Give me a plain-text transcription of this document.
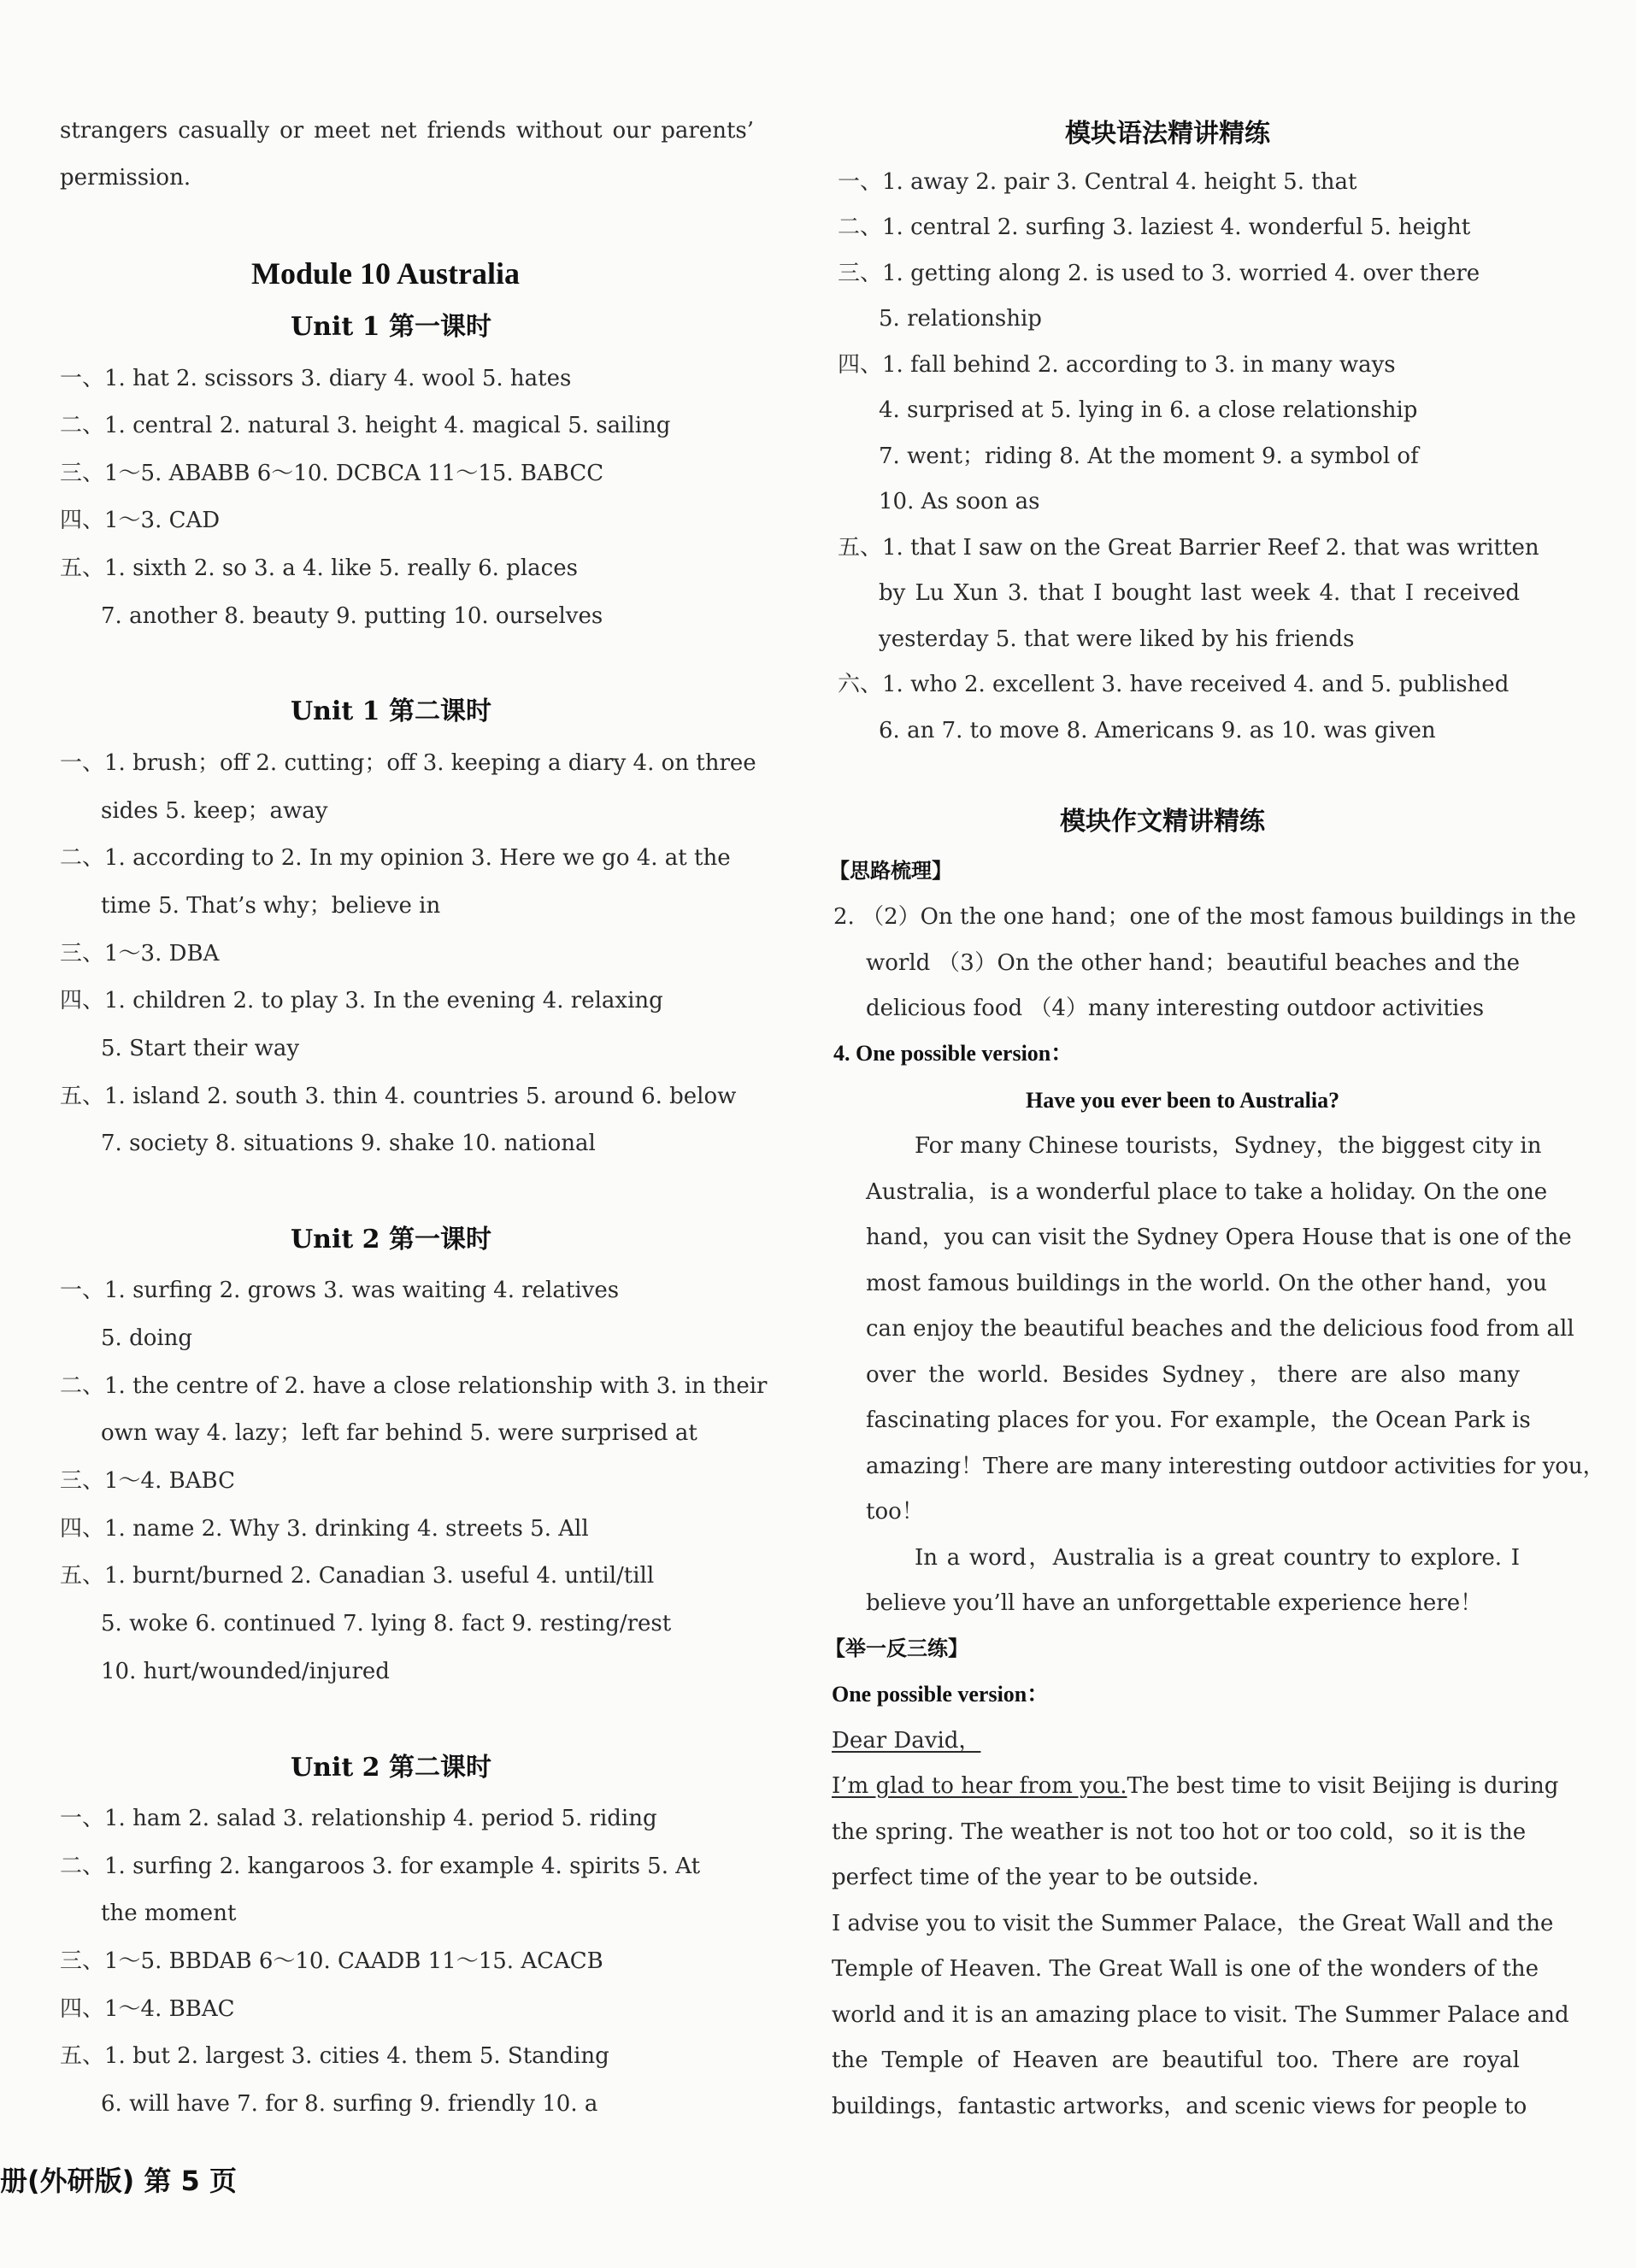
strangers casually or meet net friends without our parents’
permission.
Module 10 Australia
Unit 1 第一课时
一、1. hat 2. scissors 3. diary 4. wool 5. hates
二、1. central 2. natural 3. height 4. magical 5. sailing
三、1～5. ABABB 6～10. DCBCA 11～15. BABCC
四、1～3. CAD
五、1. sixth 2. so 3. a 4. like 5. really 6. places
7. another 8. beauty 9. putting 10. ourselves
Unit 1 第二课时
一、1. brush；off 2. cutting；off 3. keeping a diary 4. on three
sides 5. keep；away
二、1. according to 2. In my opinion 3. Here we go 4. at the
time 5. That’s why；believe in
三、1～3. DBA
四、1. children 2. to play 3. In the evening 4. relaxing
5. Start their way
五、1. island 2. south 3. thin 4. countries 5. around 6. below
7. society 8. situations 9. shake 10. national
Unit 2 第一课时
一、1. surfing 2. grows 3. was waiting 4. relatives
5. doing
二、1. the centre of 2. have a close relationship with 3. in their
own way 4. lazy；left far behind 5. were surprised at
三、1～4. BABC
四、1. name 2. Why 3. drinking 4. streets 5. All
五、1. burnt/burned 2. Canadian 3. useful 4. until/till
5. woke 6. continued 7. lying 8. fact 9. resting/rest
10. hurt/wounded/injured
Unit 2 第二课时
一、1. ham 2. salad 3. relationship 4. period 5. riding
二、1. surfing 2. kangaroos 3. for example 4. spirits 5. At
the moment
三、1～5. BBDAB 6～10. CAADB 11～15. ACACB
四、1～4. BBAC
五、1. but 2. largest 3. cities 4. them 5. Standing
6. will have 7. for 8. surfing 9. friendly 10. a
模块语法精讲精练
一、1. away 2. pair 3. Central 4. height 5. that
二、1. central 2. surfing 3. laziest 4. wonderful 5. height
三、1. getting along 2. is used to 3. worried 4. over there
5. relationship
四、1. fall behind 2. according to 3. in many ways
4. surprised at 5. lying in 6. a close relationship
7. went；riding 8. At the moment 9. a symbol of
10. As soon as
五、1. that I saw on the Great Barrier Reef 2. that was written
by Lu Xun 3. that I bought last week 4. that I received
yesterday 5. that were liked by his friends
六、1. who 2. excellent 3. have received 4. and 5. published
6. an 7. to move 8. Americans 9. as 10. was given
模块作文精讲精练
【思路梳理】
2. （2）On the one hand；one of the most famous buildings in the
world （3）On the other hand；beautiful beaches and the
delicious food （4）many interesting outdoor activities
4. One possible version：
Have you ever been to Australia?
For many Chinese tourists，Sydney，the biggest city in
Australia，is a wonderful place to take a holiday. On the one
hand，you can visit the Sydney Opera House that is one of the
most famous buildings in the world. On the other hand，you
can enjoy the beautiful beaches and the delicious food from all
over the world. Besides Sydney，there are also many
fascinating places for you. For example，the Ocean Park is
amazing！There are many interesting outdoor activities for you，
too！
In a word，Australia is a great country to explore. I
believe you’ll have an unforgettable experience here！
【举一反三练】
One possible version：
Dear David，
I’m glad to hear from you. The best time to visit Beijing is during
the spring. The weather is not too hot or too cold，so it is the
perfect time of the year to be outside.
I advise you to visit the Summer Palace，the Great Wall and the
Temple of Heaven. The Great Wall is one of the wonders of the
world and it is an amazing place to visit. The Summer Palace and
the Temple of Heaven are beautiful too. There are royal
buildings，fantastic artworks，and scenic views for people to
册(外研版) 第 5 页
